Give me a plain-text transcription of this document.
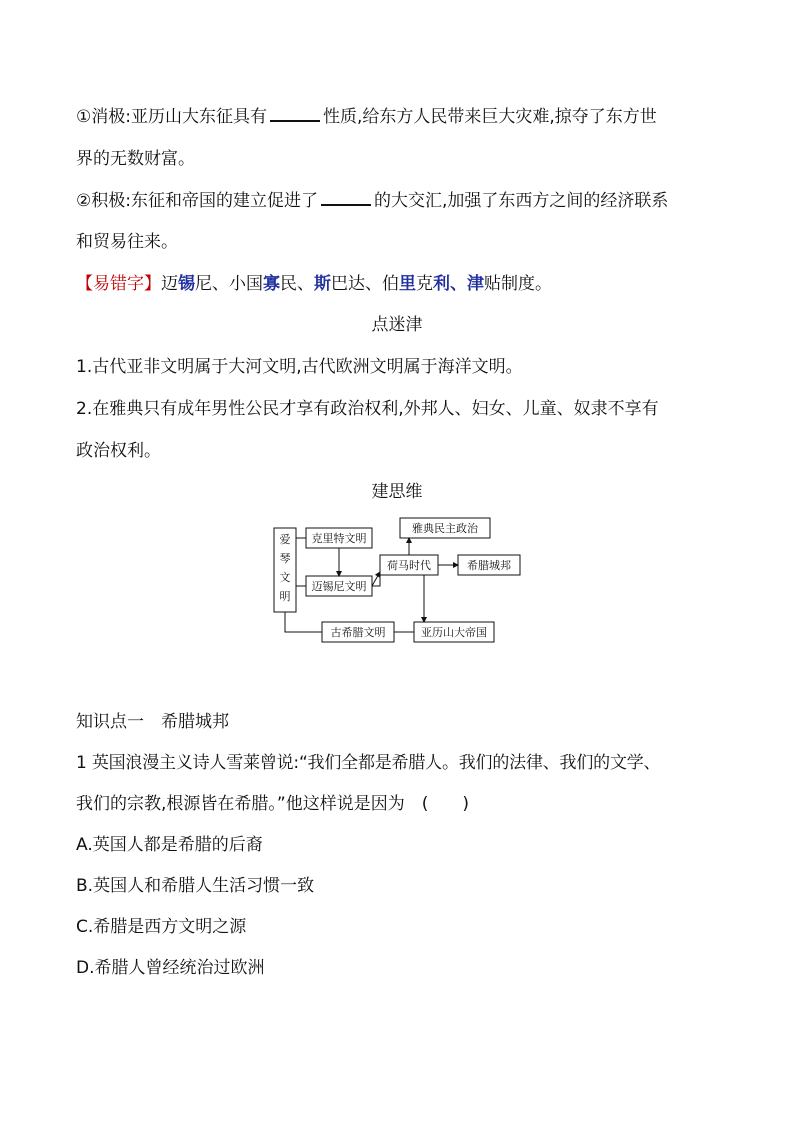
①消极:亚历山大东征具有	性质,给东方人民带来巨大灾难,掠夺了东方世
界的无数财富。
②积极:东征和帝国的建立促进了	的大交汇,加强了东西方之间的经济联系
和贸易往来。
【易错字】迈锡尼、小国寡民、斯巴达、伯里克利、津贴制度。
点迷津
1.古代亚非文明属于大河文明,古代欧洲文明属于海洋文明。
2.在雅典只有成年男性公民才享有政治权利,外邦人、妇女、儿童、奴隶不享有
政治权利。
建思维
爱
琴
文
明
克里特文明
迈锡尼文明
荷马时代
雅典民主政治
希腊城邦
古希腊文明	亚历山大帝国
知识点一　希腊城邦
1 英国浪漫主义诗人雪莱曾说:“我们全都是希腊人。我们的法律、我们的文学、
我们的宗教,根源皆在希腊。”他这样说是因为　(　　)
A.英国人都是希腊的后裔
B.英国人和希腊人生活习惯一致
C.希腊是西方文明之源
D.希腊人曾经统治过欧洲
